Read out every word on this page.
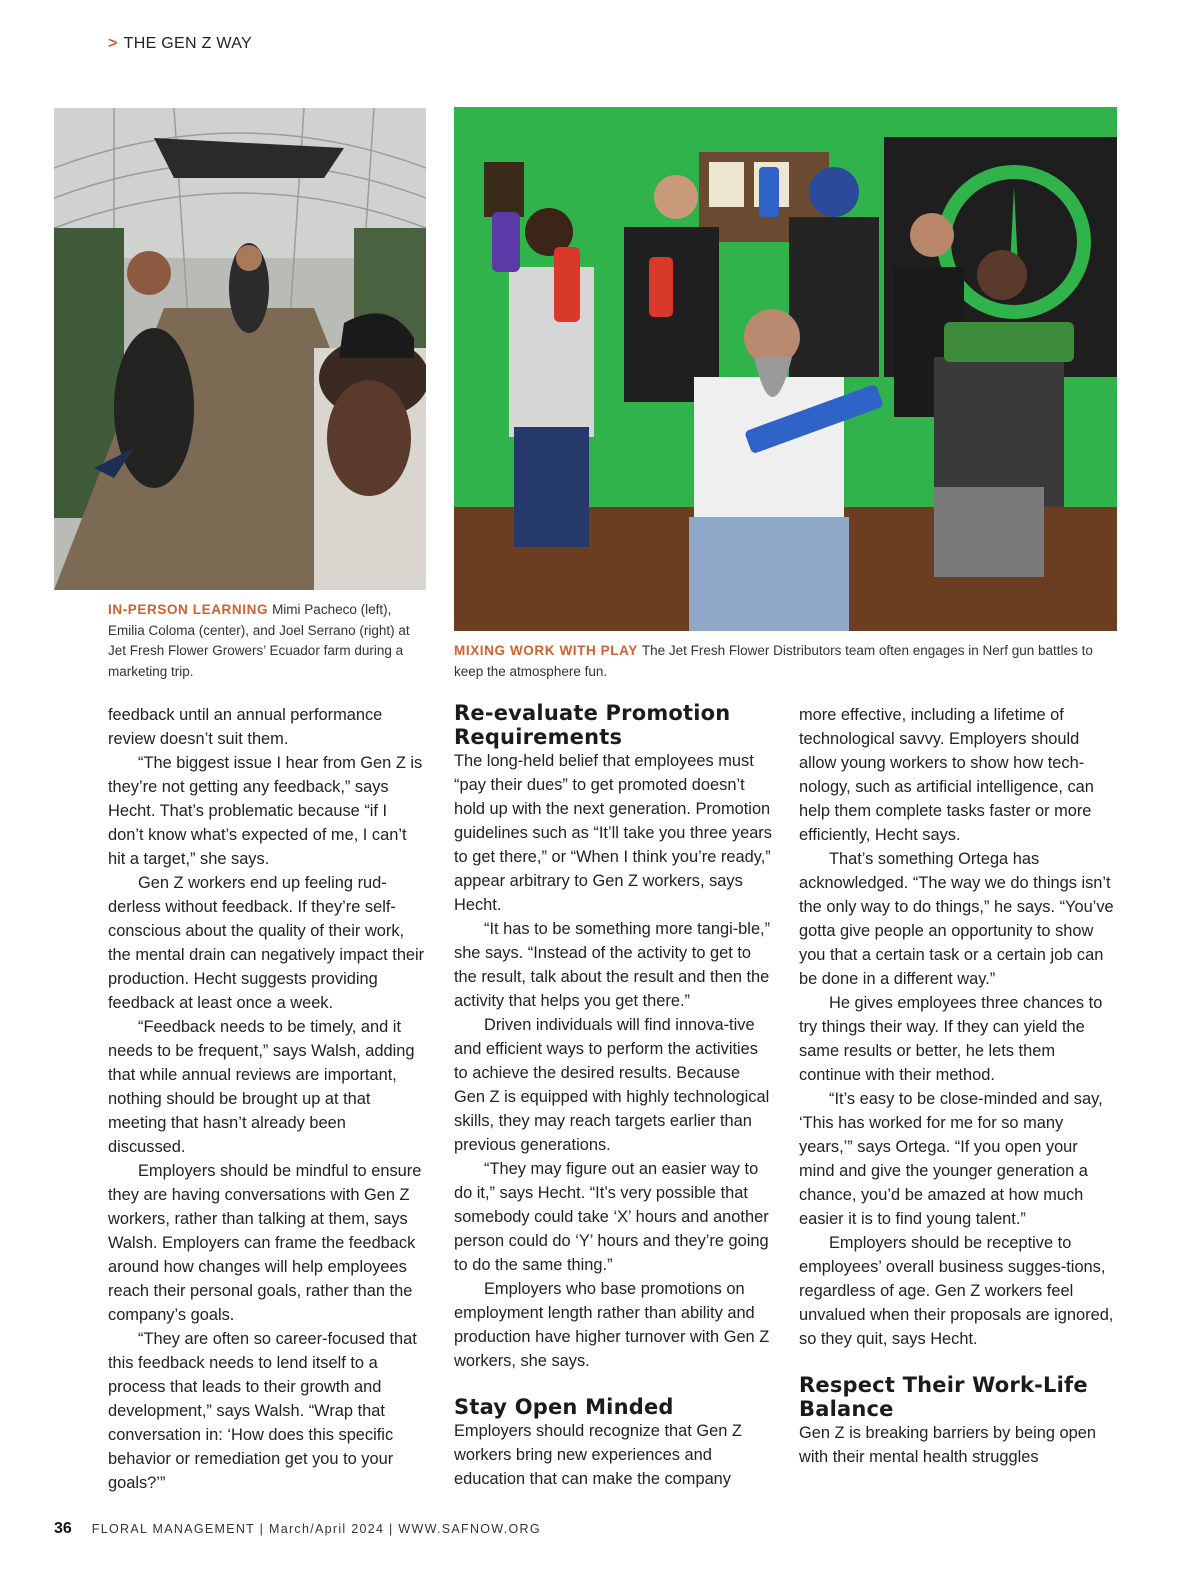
> THE GEN Z WAY
IN-PERSON LEARNING Mimi Pacheco (left), Emilia Coloma (center), and Joel Serrano (right) at Jet Fresh Flower Growers’ Ecuador farm during a marketing trip.
MIXING WORK WITH PLAY The Jet Fresh Flower Distributors team often engages in Nerf gun battles to keep the atmosphere fun.

feedback until an annual performance review doesn’t suit them.

“The biggest issue I hear from Gen Z is they’re not getting any feedback,” says Hecht. That’s problematic because “if I don’t know what’s expected of me, I can’t hit a target,” she says.

Gen Z workers end up feeling rud-derless without feedback. If they’re self-conscious about the quality of their work, the mental drain can negatively impact their production. Hecht suggests providing feedback at least once a week.

“Feedback needs to be timely, and it needs to be frequent,” says Walsh, adding that while annual reviews are important, nothing should be brought up at that meeting that hasn’t already been discussed.

Employers should be mindful to ensure they are having conversations with Gen Z workers, rather than talking at them, says Walsh. Employers can frame the feedback around how changes will help employees reach their personal goals, rather than the company’s goals.

“They are often so career-focused that this feedback needs to lend itself to a process that leads to their growth and development,” says Walsh. “Wrap that conversation in: ‘How does this specific behavior or remediation get you to your goals?’”

Re-evaluate Promotion Requirements

The long-held belief that employees must “pay their dues” to get promoted doesn’t hold up with the next generation. Promotion guidelines such as “It’ll take you three years to get there,” or “When I think you’re ready,” appear arbitrary to Gen Z workers, says Hecht.

“It has to be something more tangi-ble,” she says. “Instead of the activity to get to the result, talk about the result and then the activity that helps you get there.”

Driven individuals will find innova-tive and efficient ways to perform the activities to achieve the desired results. Because Gen Z is equipped with highly technological skills, they may reach targets earlier than previous generations.

“They may figure out an easier way to do it,” says Hecht. “It’s very possible that somebody could take ‘X’ hours and another person could do ‘Y’ hours and they’re going to do the same thing.”

Employers who base promotions on employment length rather than ability and production have higher turnover with Gen Z workers, she says.

Stay Open Minded

Employers should recognize that Gen Z workers bring new experiences and education that can make the company

more effective, including a lifetime of technological savvy. Employers should allow young workers to show how tech-nology, such as artificial intelligence, can help them complete tasks faster or more efficiently, Hecht says.

That’s something Ortega has acknowledged. “The way we do things isn’t the only way to do things,” he says. “You’ve gotta give people an opportunity to show you that a certain task or a certain job can be done in a different way.”

He gives employees three chances to try things their way. If they can yield the same results or better, he lets them continue with their method.

“It’s easy to be close-minded and say, ‘This has worked for me for so many years,’” says Ortega. “If you open your mind and give the younger generation a chance, you’d be amazed at how much easier it is to find young talent.”

Employers should be receptive to employees’ overall business sugges-tions, regardless of age. Gen Z workers feel unvalued when their proposals are ignored, so they quit, says Hecht.

Respect Their Work-Life Balance

Gen Z is breaking barriers by being open with their mental health struggles

36 FLORAL MANAGEMENT | March/April 2024 | WWW.SAFNOW.ORG
